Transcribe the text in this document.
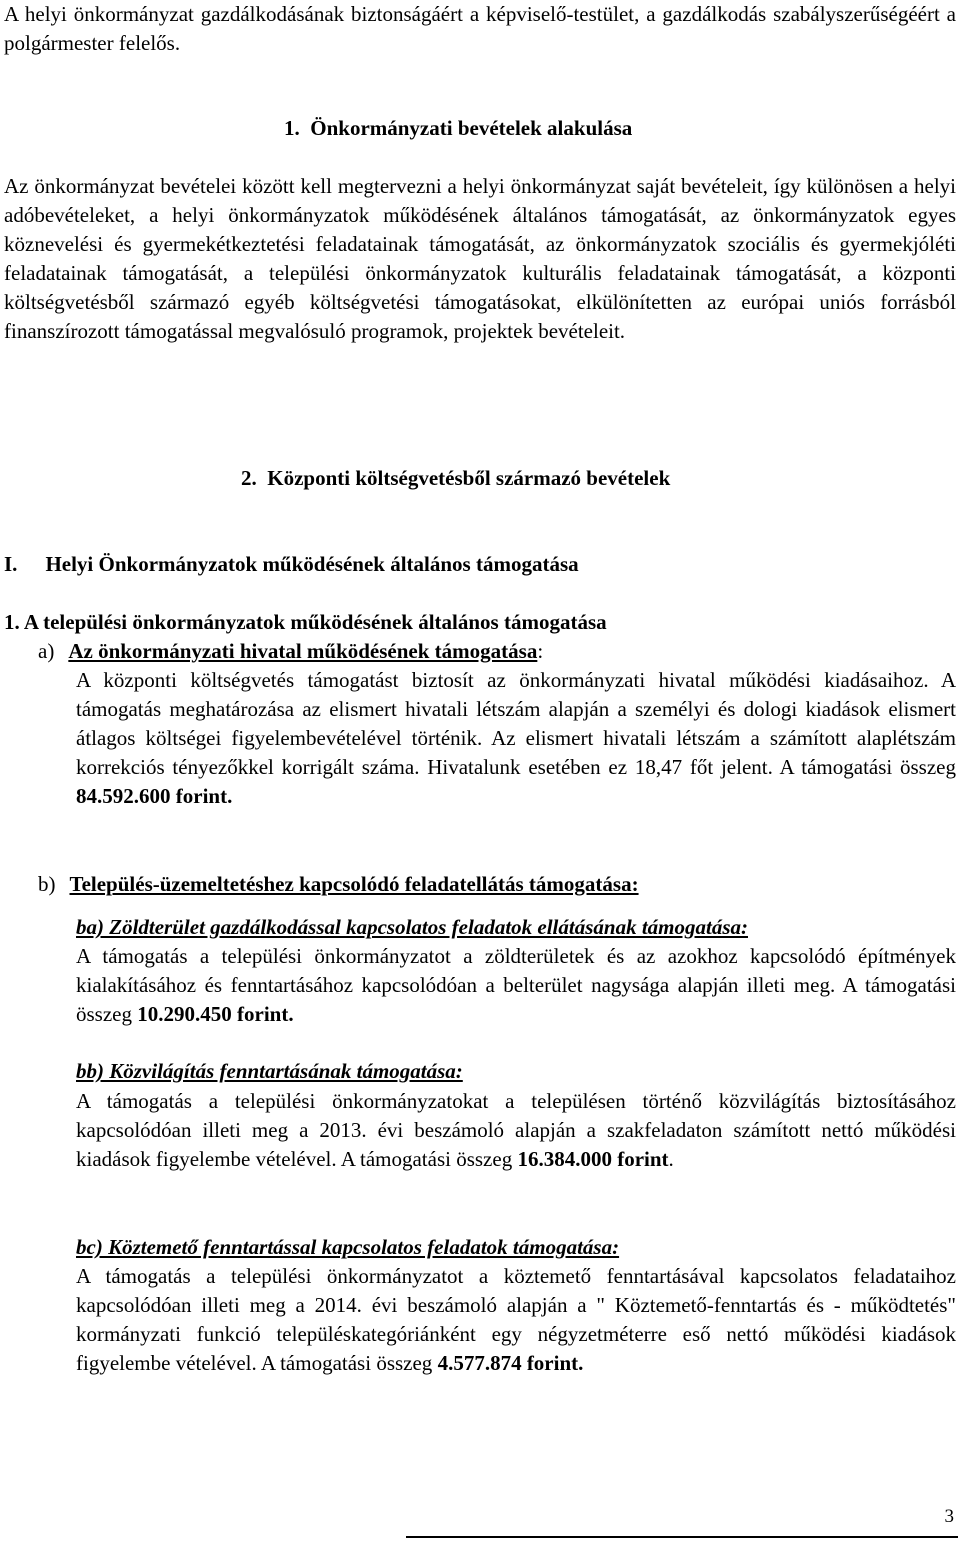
A helyi önkormányzat gazdálkodásának biztonságáért a képviselő-testület, a gazdálkodás szabályszerűségéért a polgármester felelős.

1. Önkormányzati bevételek alakulása

Az önkormányzat bevételei között kell megtervezni a helyi önkormányzat saját bevételeit, így különösen a helyi adóbevételeket, a helyi önkormányzatok működésének általános támogatását, az önkormányzatok egyes köznevelési és gyermekétkeztetési feladatainak támogatását, az önkormányzatok szociális és gyermekjóléti feladatainak támogatását, a települési önkormányzatok kulturális feladatainak támogatását, a központi költségvetésből származó egyéb költségvetési támogatásokat, elkülönítetten az európai uniós forrásból finanszírozott támogatással megvalósuló programok, projektek bevételeit.

2. Központi költségvetésből származó bevételek
I. Helyi Önkormányzatok működésének általános támogatása
1. A települési önkormányzatok működésének általános támogatása
a) Az önkormányzati hivatal működésének támogatása:

A központi költségvetés támogatást biztosít az önkormányzati hivatal működési kiadásaihoz. A támogatás meghatározása az elismert hivatali létszám alapján a személyi és dologi kiadások elismert átlagos költségei figyelembevételével történik. Az elismert hivatali létszám a számított alaplétszám korrekciós tényezőkkel korrigált száma. Hivatalunk esetében ez 18,47 főt jelent. A támogatási összeg 84.592.600 forint.

b) Település-üzemeltetéshez kapcsolódó feladatellátás támogatása:
ba) Zöldterület gazdálkodással kapcsolatos feladatok ellátásának támogatása:

A támogatás a települési önkormányzatot a zöldterületek és az azokhoz kapcsolódó építmények kialakításához és fenntartásához kapcsolódóan a belterület nagysága alapján illeti meg. A támogatási összeg 10.290.450 forint.

bb) Közvilágítás fenntartásának támogatása:

A támogatás a települési önkormányzatokat a településen történő közvilágítás biztosításához kapcsolódóan illeti meg a 2013. évi beszámoló alapján a szakfeladaton számított nettó működési kiadások figyelembe vételével. A támogatási összeg 16.384.000 forint.

bc) Köztemető fenntartással kapcsolatos feladatok támogatása:

A támogatás a települési önkormányzatot a köztemető fenntartásával kapcsolatos feladataihoz kapcsolódóan illeti meg a 2014. évi beszámoló alapján a " Köztemető-fenntartás és - működtetés" kormányzati funkció településkategóriánként egy négyzetméterre eső nettó működési kiadások figyelembe vételével. A támogatási összeg 4.577.874 forint.

3
